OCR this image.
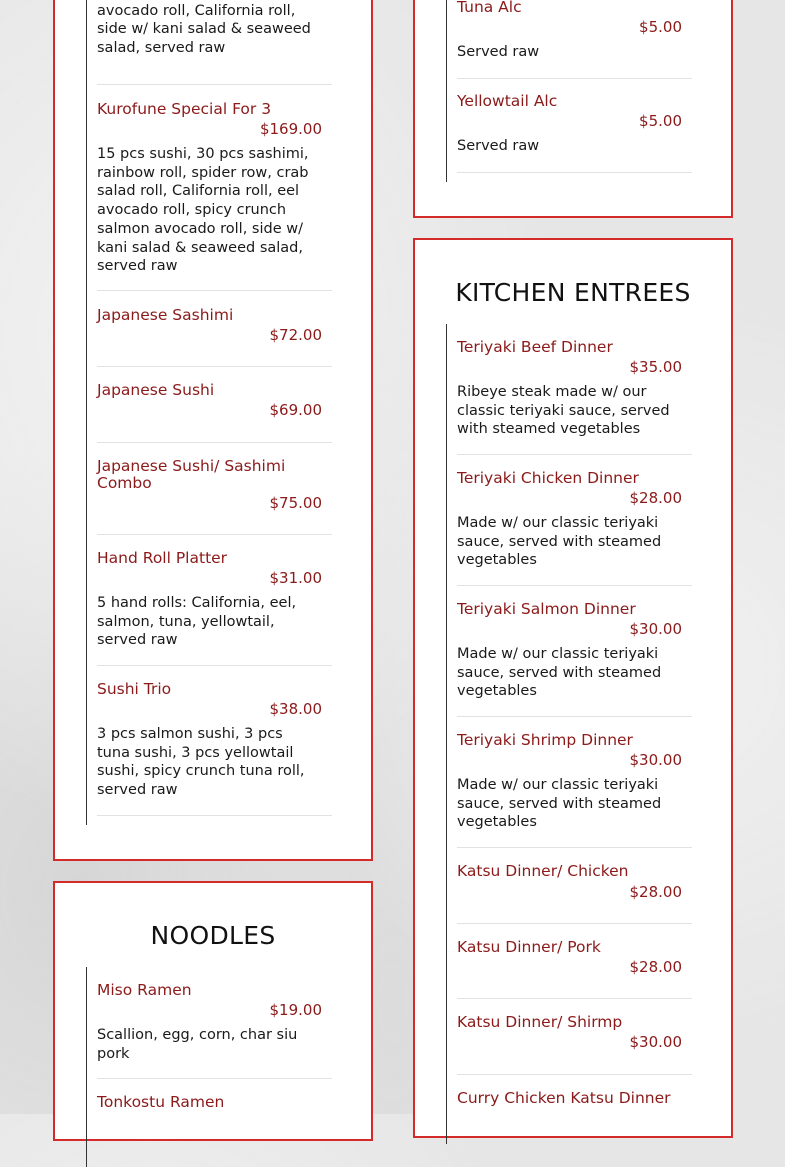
avocado roll, California roll, side w/ kani salad & seaweed salad, served raw
Kurofune Special For 3
$169.00
15 pcs sushi, 30 pcs sashimi, rainbow roll, spider row, crab salad roll, California roll, eel avocado roll, spicy crunch salmon avocado roll, side w/ kani salad & seaweed salad, served raw
Japanese Sashimi
$72.00
Japanese Sushi
$69.00
Japanese Sushi/ Sashimi Combo
$75.00
Hand Roll Platter
$31.00
5 hand rolls: California, eel, salmon, tuna, yellowtail, served raw
Sushi Trio
$38.00
3 pcs salmon sushi, 3 pcs tuna sushi, 3 pcs yellowtail sushi, spicy crunch tuna roll, served raw
Tuna Alc
$5.00
Served raw
Yellowtail Alc
$5.00
Served raw
NOODLES
Miso Ramen
$19.00
Scallion, egg, corn, char siu pork
Tonkostu Ramen
KITCHEN ENTREES
Teriyaki Beef Dinner
$35.00
Ribeye steak made w/ our classic teriyaki sauce, served with steamed vegetables
Teriyaki Chicken Dinner
$28.00
Made w/ our classic teriyaki sauce, served with steamed vegetables
Teriyaki Salmon Dinner
$30.00
Made w/ our classic teriyaki sauce, served with steamed vegetables
Teriyaki Shrimp Dinner
$30.00
Made w/ our classic teriyaki sauce, served with steamed vegetables
Katsu Dinner/ Chicken
$28.00
Katsu Dinner/ Pork
$28.00
Katsu Dinner/ Shirmp
$30.00
Curry Chicken Katsu Dinner
